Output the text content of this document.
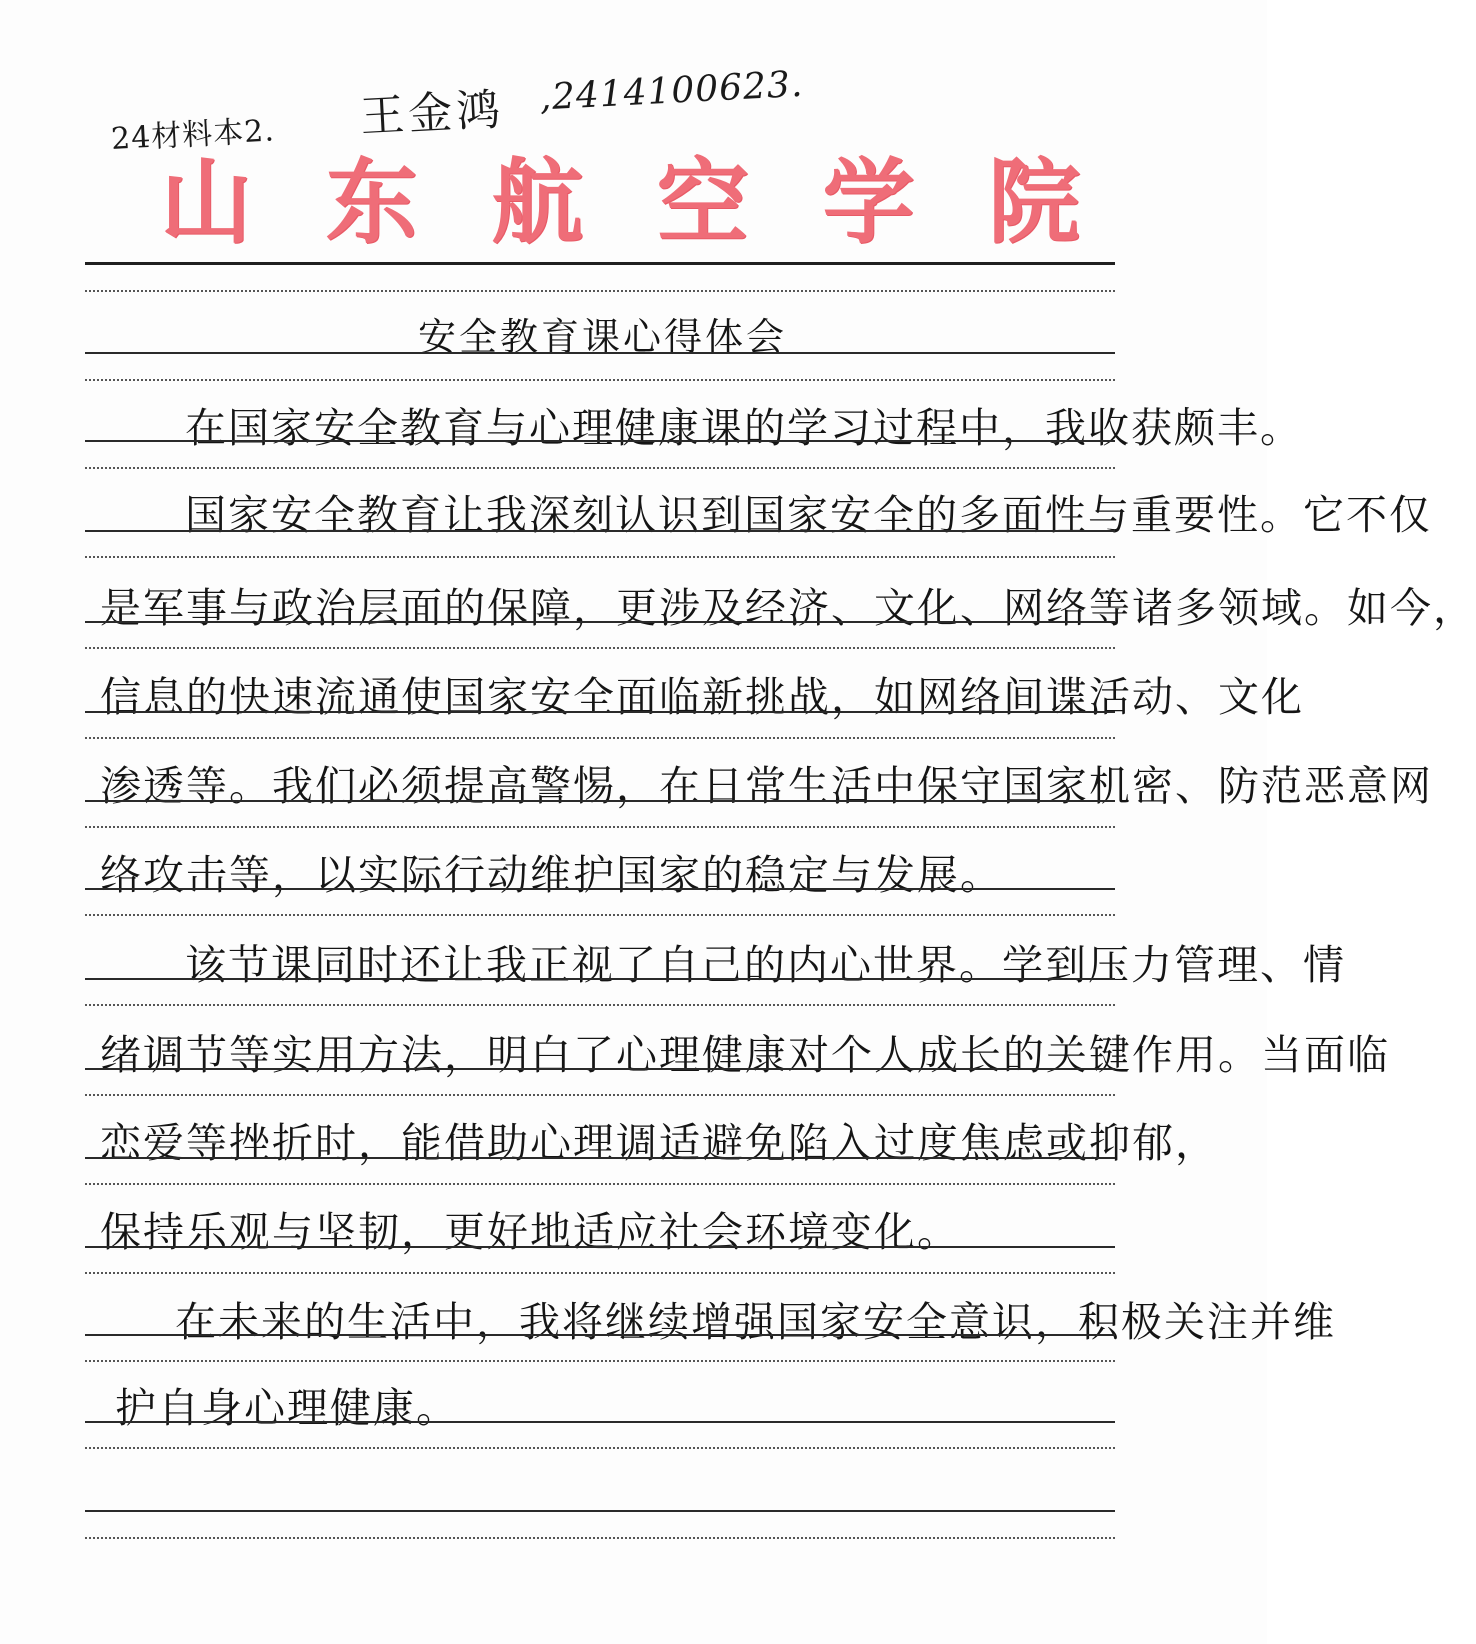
24材料本2. 王金鸿 ,2414100623.
山 东 航 空 学 院
安全教育课心得体会
在国家安全教育与心理健康课的学习过程中，我收获颇丰。
国家安全教育让我深刻认识到国家安全的多面性与重要性。它不仅
是军事与政治层面的保障，更涉及经济、文化、网络等诸多领域。如今，
信息的快速流通使国家安全面临新挑战，如网络间谍活动、文化
渗透等。我们必须提高警惕，在日常生活中保守国家机密、防范恶意网
络攻击等，以实际行动维护国家的稳定与发展。
该节课同时还让我正视了自己的内心世界。学到压力管理、情
绪调节等实用方法，明白了心理健康对个人成长的关键作用。当面临
恋爱等挫折时，能借助心理调适避免陷入过度焦虑或抑郁，
保持乐观与坚韧，更好地适应社会环境变化。
在未来的生活中，我将继续增强国家安全意识，积极关注并维
护自身心理健康。
